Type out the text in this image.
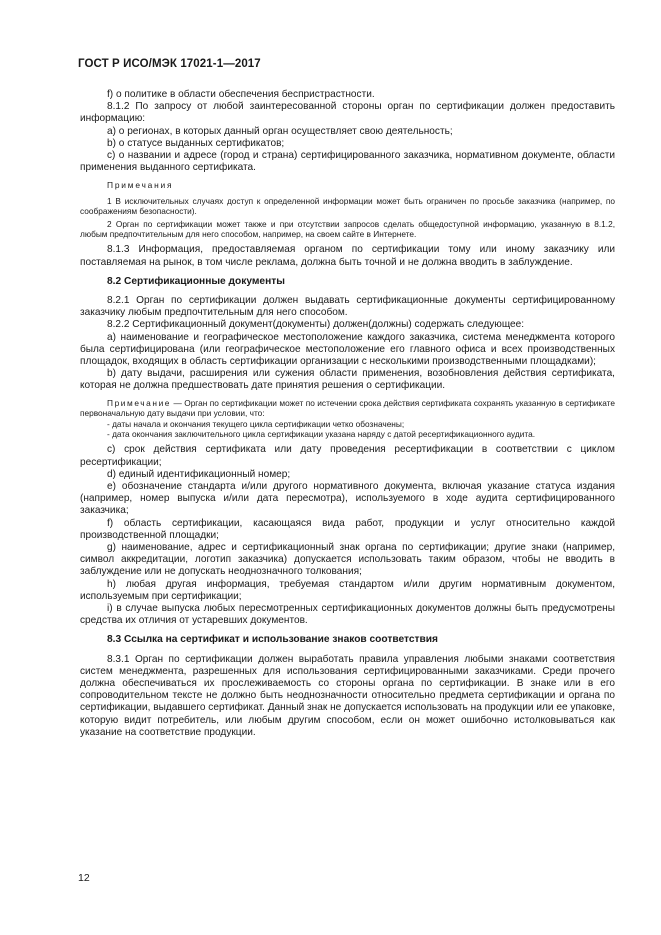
ГОСТ Р ИСО/МЭК 17021-1—2017

f) о политике в области обеспечения беспристрастности.

8.1.2 По запросу от любой заинтересованной стороны орган по сертификации должен предоставить информацию:

а) о регионах, в которых данный орган осуществляет свою деятельность;

b) о статусе выданных сертификатов;

с) о названии и адресе (город и страна) сертифицированного заказчика, нормативном документе, области применения выданного сертификата.

Примечания

1 В исключительных случаях доступ к определенной информации может быть ограничен по просьбе заказчика (например, по соображениям безопасности).

2 Орган по сертификации может также и при отсутствии запросов сделать общедоступной информацию, указанную в 8.1.2, любым предпочтительным для него способом, например, на своем сайте в Интернете.

8.1.3 Информация, предоставляемая органом по сертификации тому или иному заказчику или поставляемая на рынок, в том числе реклама, должна быть точной и не должна вводить в заблуждение.

8.2 Сертификационные документы

8.2.1 Орган по сертификации должен выдавать сертификационные документы сертифицированному заказчику любым предпочтительным для него способом.

8.2.2 Сертификационный документ(документы) должен(должны) содержать следующее:

а) наименование и географическое местоположение каждого заказчика, система менеджмента которого была сертифицирована (или географическое местоположение его главного офиса и всех производственных площадок, входящих в область сертификации организации с несколькими производственными площадками);

b) дату выдачи, расширения или сужения области применения, возобновления действия сертификата, которая не должна предшествовать дате принятия решения о сертификации.

Примечание — Орган по сертификации может по истечении срока действия сертификата сохранять указанную в сертификате первоначальную дату выдачи при условии, что:

- даты начала и окончания текущего цикла сертификации четко обозначены;

- дата окончания заключительного цикла сертификации указана наряду с датой ресертификационного аудита.

с) срок действия сертификата или дату проведения ресертификации в соответствии с циклом ресертификации;

d) единый идентификационный номер;

е) обозначение стандарта и/или другого нормативного документа, включая указание статуса издания (например, номер выпуска и/или дата пересмотра), используемого в ходе аудита сертифицированного заказчика;

f) область сертификации, касающаяся вида работ, продукции и услуг относительно каждой производственной площадки;

g) наименование, адрес и сертификационный знак органа по сертификации; другие знаки (например, символ аккредитации, логотип заказчика) допускается использовать таким образом, чтобы не вводить в заблуждение или не допускать неоднозначного толкования;

h) любая другая информация, требуемая стандартом и/или другим нормативным документом, используемым при сертификации;

i) в случае выпуска любых пересмотренных сертификационных документов должны быть предусмотрены средства их отличия от устаревших документов.

8.3 Ссылка на сертификат и использование знаков соответствия

8.3.1 Орган по сертификации должен выработать правила управления любыми знаками соответствия систем менеджмента, разрешенных для использования сертифицированными заказчиками. Среди прочего должна обеспечиваться их прослеживаемость со стороны органа по сертификации. В знаке или в его сопроводительном тексте не должно быть неоднозначности относительно предмета сертификации и органа по сертификации, выдавшего сертификат. Данный знак не допускается использовать на продукции или ее упаковке, которую видит потребитель, или любым другим способом, если он может ошибочно истолковываться как указание на соответствие продукции.

12
